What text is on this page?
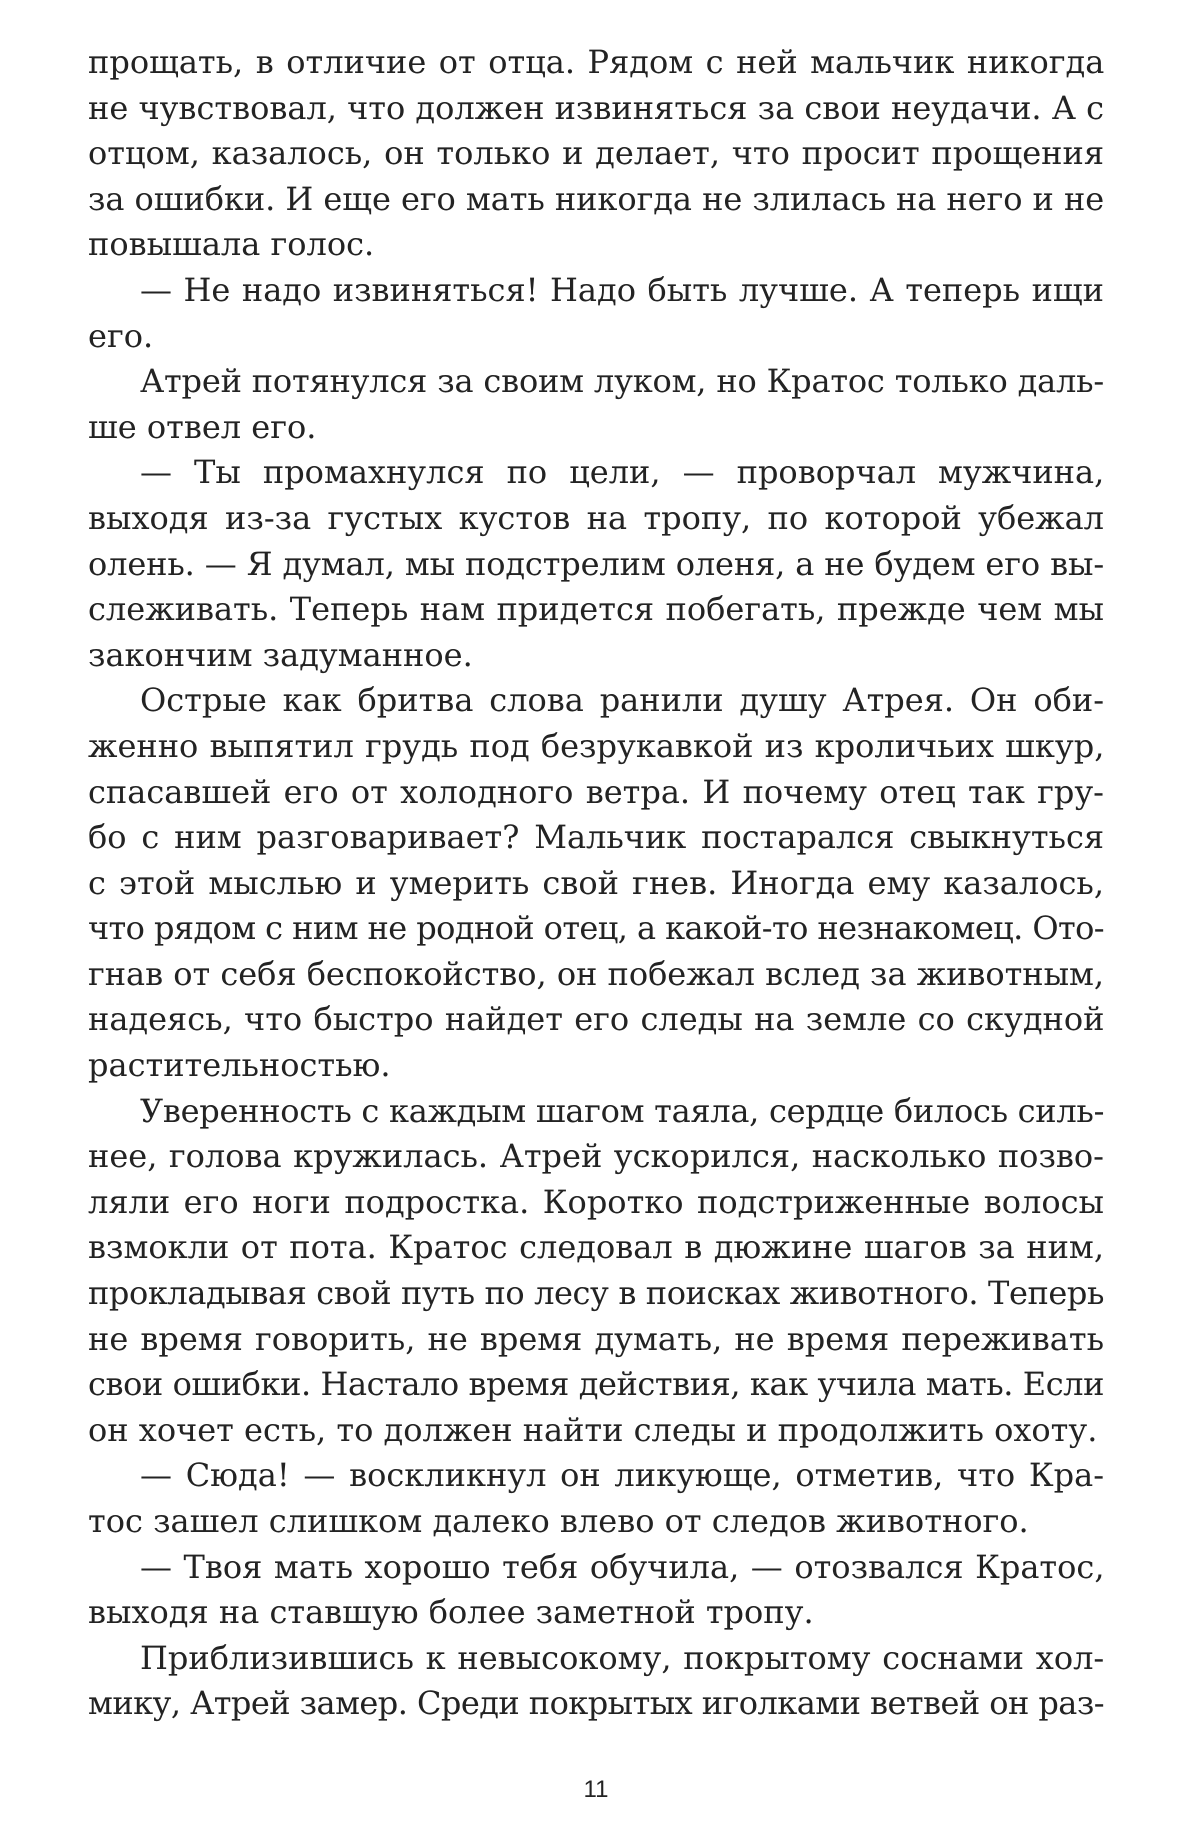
прощать, в отличие от отца. Рядом с ней мальчик никогда
не чувствовал, что должен извиняться за свои неудачи. А с
отцом, казалось, он только и делает, что просит прощения
за ошибки. И еще его мать никогда не злилась на него и не
повышала голос.
— Не надо извиняться! Надо быть лучше. А теперь ищи
его.
Атрей потянулся за своим луком, но Кратос только даль-
ше отвел его.
— Ты промахнулся по цели, — проворчал мужчина,
выходя из-за густых кустов на тропу, по которой убежал
олень. — Я думал, мы подстрелим оленя, а не будем его вы-
слеживать. Теперь нам придется побегать, прежде чем мы
закончим задуманное.
Острые как бритва слова ранили душу Атрея. Он оби-
женно выпятил грудь под безрукавкой из кроличьих шкур,
спасавшей его от холодного ветра. И почему отец так гру-
бо с ним разговаривает? Мальчик постарался свыкнуться
с этой мыслью и умерить свой гнев. Иногда ему казалось,
что рядом с ним не родной отец, а какой-то незнакомец. Ото-
гнав от себя беспокойство, он побежал вслед за животным,
надеясь, что быстро найдет его следы на земле со скудной
растительностью.
Уверенность с каждым шагом таяла, сердце билось силь-
нее, голова кружилась. Атрей ускорился, насколько позво-
ляли его ноги подростка. Коротко подстриженные волосы
взмокли от пота. Кратос следовал в дюжине шагов за ним,
прокладывая свой путь по лесу в поисках животного. Теперь
не время говорить, не время думать, не время переживать
свои ошибки. Настало время действия, как учила мать. Если
он хочет есть, то должен найти следы и продолжить охоту.
— Сюда! — воскликнул он ликующе, отметив, что Кра-
тос зашел слишком далеко влево от следов животного.
— Твоя мать хорошо тебя обучила, — отозвался Кратос,
выходя на ставшую более заметной тропу.
Приблизившись к невысокому, покрытому соснами хол-
мику, Атрей замер. Среди покрытых иголками ветвей он раз-
11
